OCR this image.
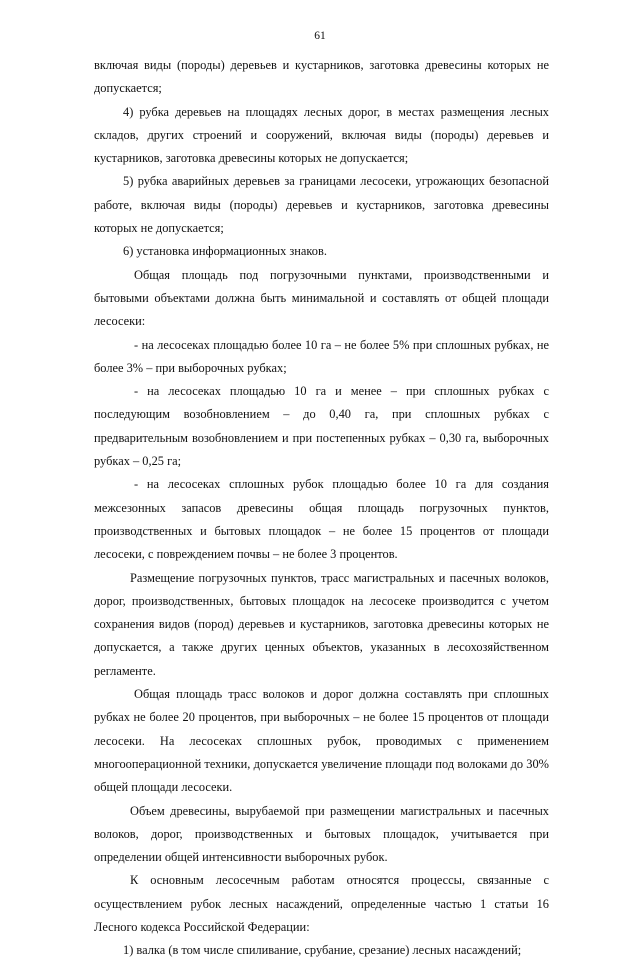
61

включая виды (породы) деревьев и кустарников, заготовка древесины которых не допускается;

4) рубка деревьев на площадях лесных дорог, в местах размещения лесных складов, других строений и сооружений, включая виды (породы) деревьев и кустарников, заготовка древесины которых не допускается;

5) рубка аварийных деревьев за границами лесосеки, угрожающих безопасной работе, включая виды (породы) деревьев и кустарников, заготовка древесины которых не допускается;

6) установка информационных знаков.

Общая площадь под погрузочными пунктами, производственными и бытовыми объектами должна быть минимальной и составлять от общей площади лесосеки:

- на лесосеках площадью более 10 га – не более 5% при сплошных рубках, не более 3% – при выборочных рубках;

- на лесосеках площадью 10 га и менее – при сплошных рубках с последующим возобновлением – до 0,40 га, при сплошных рубках с предварительным возобновлением и при постепенных рубках – 0,30 га, выборочных рубках – 0,25 га;

- на лесосеках сплошных рубок площадью более 10 га для создания межсезонных запасов древесины общая площадь погрузочных пунктов, производственных и бытовых площадок – не более 15 процентов от площади лесосеки, с повреждением почвы – не более 3 процентов.

Размещение погрузочных пунктов, трасс магистральных и пасечных волоков, дорог, производственных, бытовых площадок на лесосеке производится с учетом сохранения видов (пород) деревьев и кустарников, заготовка древесины которых не допускается, а также других ценных объектов, указанных в лесохозяйственном регламенте.

Общая площадь трасс волоков и дорог должна составлять при сплошных рубках не более 20 процентов, при выборочных – не более 15 процентов от площади лесосеки. На лесосеках сплошных рубок, проводимых с применением многооперационной техники, допускается увеличение площади под волоками до 30% общей площади лесосеки.

Объем древесины, вырубаемой при размещении магистральных и пасечных волоков, дорог, производственных и бытовых площадок, учитывается при определении общей интенсивности выборочных рубок.

К основным лесосечным работам относятся процессы, связанные с осуществлением рубок лесных насаждений, определенные частью 1 статьи 16 Лесного кодекса Российской Федерации:

1) валка (в том числе спиливание, срубание, срезание) лесных насаждений;
